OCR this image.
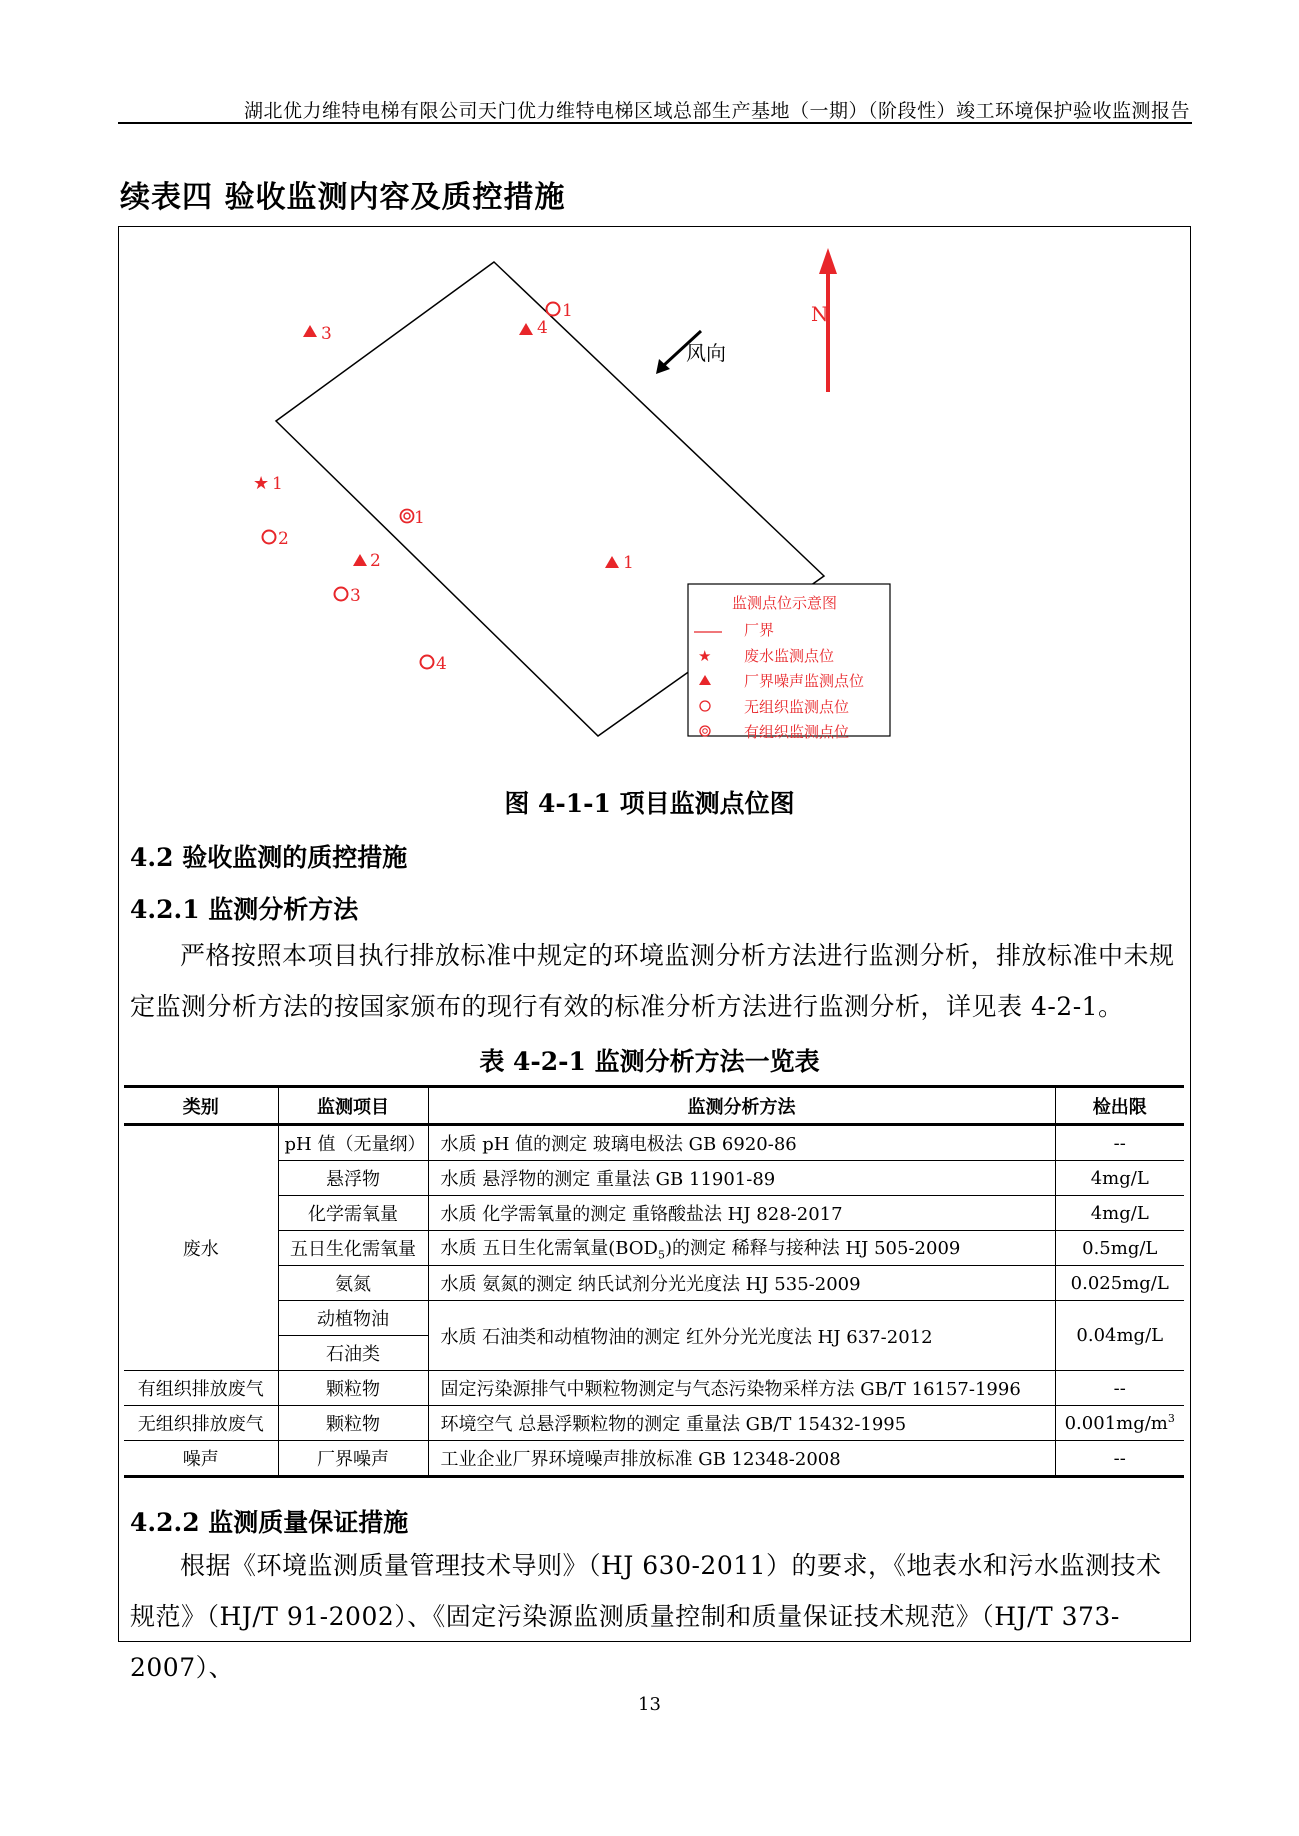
湖北优力维特电梯有限公司天门优力维特电梯区域总部生产基地（一期）（阶段性）竣工环境保护验收监测报告
续表四 验收监测内容及质控措施
N
风向
3	4
2	1
★ 1
1
2
3
4
1
监测点位示意图
厂界
★ 废水监测点位
厂界噪声监测点位
无组织监测点位
有组织监测点位
图 4-1-1 项目监测点位图
4.2 验收监测的质控措施
4.2.1 监测分析方法
严格按照本项目执行排放标准中规定的环境监测分析方法进行监测分析，排放标准中未规定监测分析方法的按国家颁布的现行有效的标准分析方法进行监测分析，详见表 4-2-1。
表 4-2-1 监测分析方法一览表
类别	监测项目	监测分析方法	检出限
废水	pH 值（无量纲）	水质 pH 值的测定 玻璃电极法 GB 6920-86	--
	悬浮物	水质 悬浮物的测定 重量法 GB 11901-89	4mg/L
	化学需氧量	水质 化学需氧量的测定 重铬酸盐法 HJ 828-2017	4mg/L
	五日生化需氧量	水质 五日生化需氧量$(BOD_5)$的测定 稀释与接种法 HJ 505-2009	0.5mg/L
	氨氮	水质 氨氮的测定 纳氏试剂分光光度法 HJ 535-2009	0.025mg/L
	动植物油	水质 石油类和动植物油的测定 红外分光光度法 HJ 637-2012	0.04mg/L
	石油类		
有组织排放废气	颗粒物	固定污染源排气中颗粒物测定与气态污染物采样方法 GB/T 16157-1996	--
无组织排放废气	颗粒物	环境空气 总悬浮颗粒物的测定 重量法 GB/T 15432-1995	$0.001mg/m^3$
噪声	厂界噪声	工业企业厂界环境噪声排放标准 GB 12348-2008	--
4.2.2 监测质量保证措施
根据《环境监测质量管理技术导则》（HJ 630-2011）的要求，《地表水和污水监测技术规范》（HJ/T 91-2002）、《固定污染源监测质量控制和质量保证技术规范》（HJ/T 373-2007）、
13
